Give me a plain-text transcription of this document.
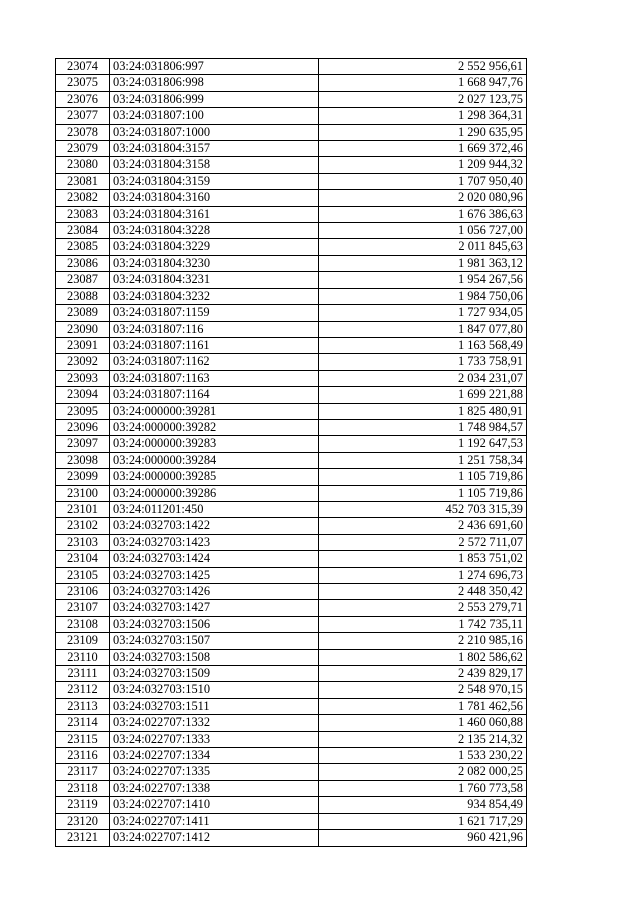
23074	03:24:031806:997	2 552 956,61
23075	03:24:031806:998	1 668 947,76
23076	03:24:031806:999	2 027 123,75
23077	03:24:031807:100	1 298 364,31
23078	03:24:031807:1000	1 290 635,95
23079	03:24:031804:3157	1 669 372,46
23080	03:24:031804:3158	1 209 944,32
23081	03:24:031804:3159	1 707 950,40
23082	03:24:031804:3160	2 020 080,96
23083	03:24:031804:3161	1 676 386,63
23084	03:24:031804:3228	1 056 727,00
23085	03:24:031804:3229	2 011 845,63
23086	03:24:031804:3230	1 981 363,12
23087	03:24:031804:3231	1 954 267,56
23088	03:24:031804:3232	1 984 750,06
23089	03:24:031807:1159	1 727 934,05
23090	03:24:031807:116	1 847 077,80
23091	03:24:031807:1161	1 163 568,49
23092	03:24:031807:1162	1 733 758,91
23093	03:24:031807:1163	2 034 231,07
23094	03:24:031807:1164	1 699 221,88
23095	03:24:000000:39281	1 825 480,91
23096	03:24:000000:39282	1 748 984,57
23097	03:24:000000:39283	1 192 647,53
23098	03:24:000000:39284	1 251 758,34
23099	03:24:000000:39285	1 105 719,86
23100	03:24:000000:39286	1 105 719,86
23101	03:24:011201:450	452 703 315,39
23102	03:24:032703:1422	2 436 691,60
23103	03:24:032703:1423	2 572 711,07
23104	03:24:032703:1424	1 853 751,02
23105	03:24:032703:1425	1 274 696,73
23106	03:24:032703:1426	2 448 350,42
23107	03:24:032703:1427	2 553 279,71
23108	03:24:032703:1506	1 742 735,11
23109	03:24:032703:1507	2 210 985,16
23110	03:24:032703:1508	1 802 586,62
23111	03:24:032703:1509	2 439 829,17
23112	03:24:032703:1510	2 548 970,15
23113	03:24:032703:1511	1 781 462,56
23114	03:24:022707:1332	1 460 060,88
23115	03:24:022707:1333	2 135 214,32
23116	03:24:022707:1334	1 533 230,22
23117	03:24:022707:1335	2 082 000,25
23118	03:24:022707:1338	1 760 773,58
23119	03:24:022707:1410	934 854,49
23120	03:24:022707:1411	1 621 717,29
23121	03:24:022707:1412	960 421,96
